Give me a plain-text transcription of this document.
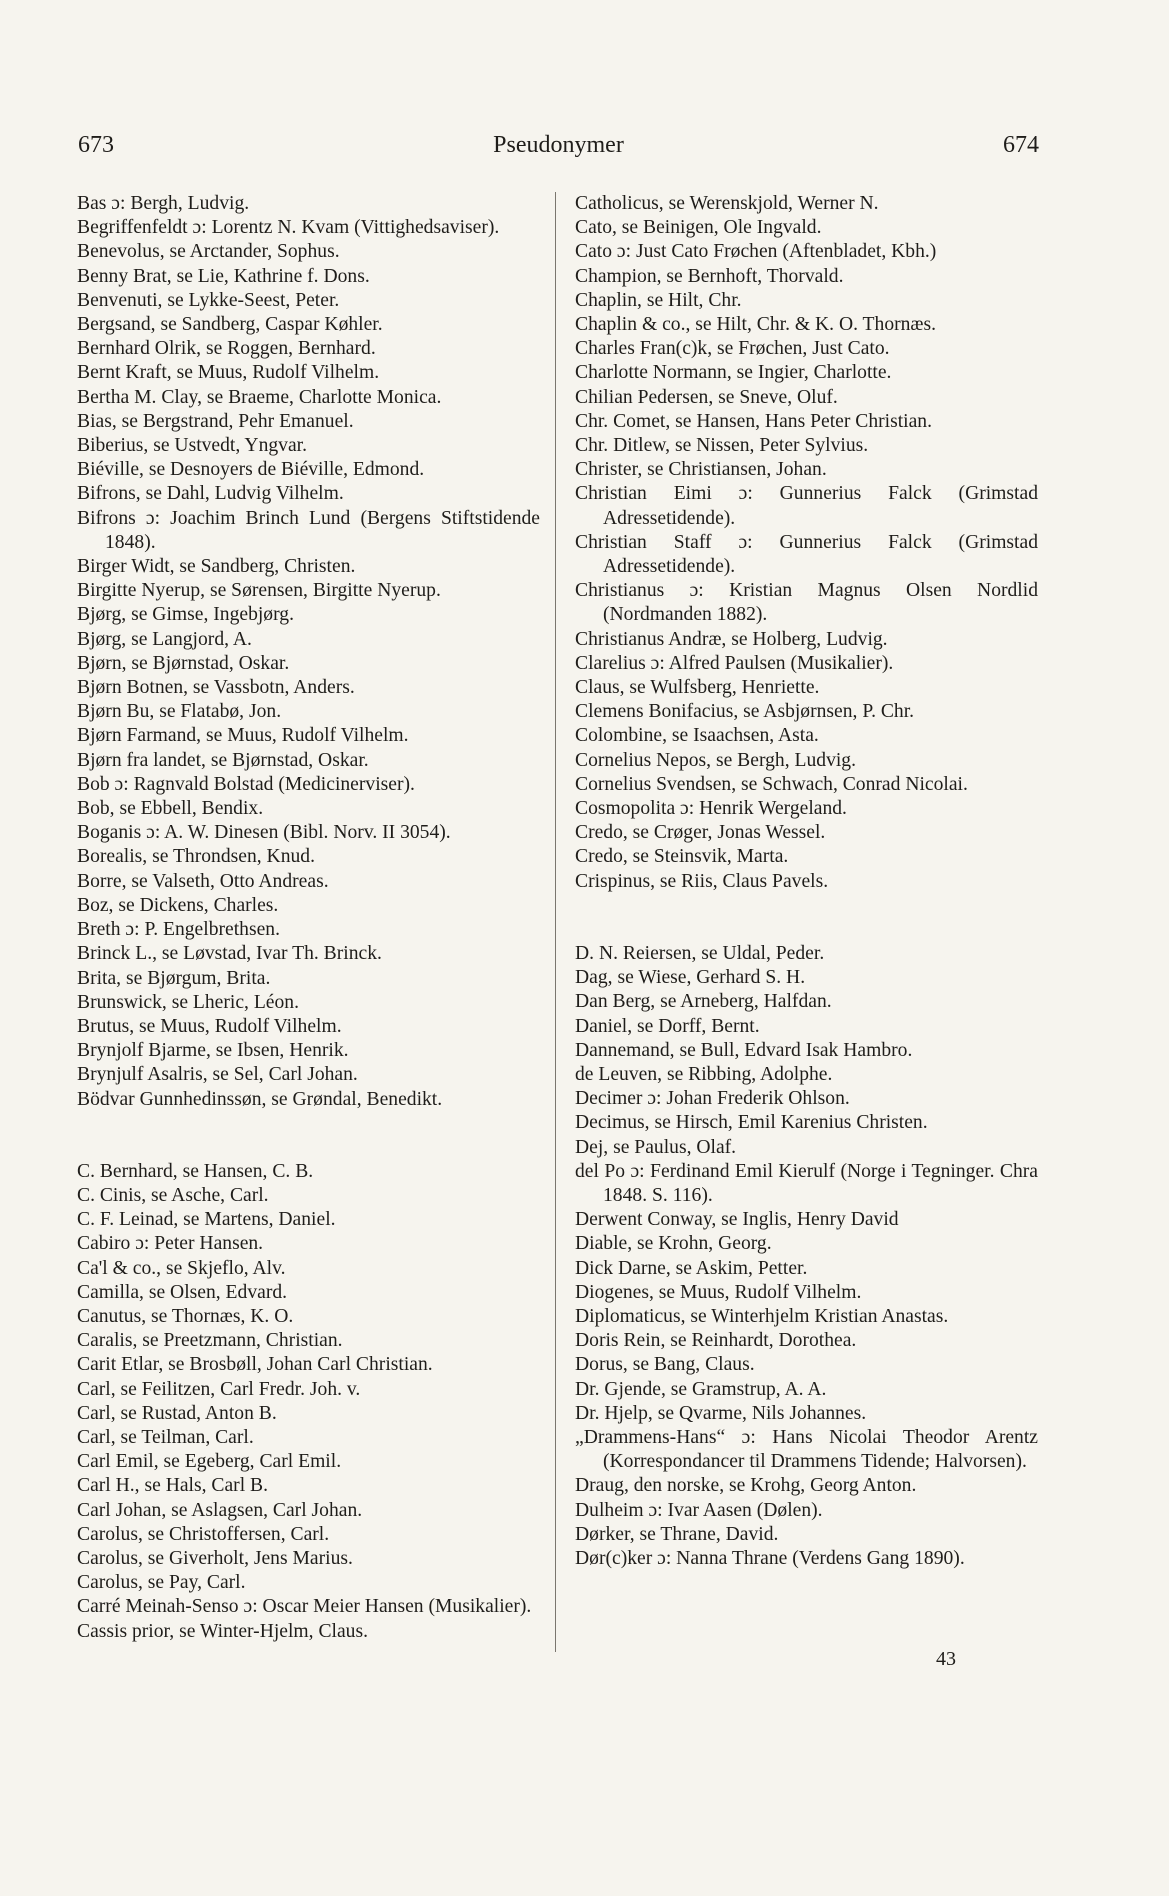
Pseudonymer
673	674
Bas ɔ: Bergh, Ludvig.
Begriffenfeldt ɔ: Lorentz N. Kvam (Vittighedsaviser).
Benevolus, se Arctander, Sophus.
Benny Brat, se Lie, Kathrine f. Dons.
Benvenuti, se Lykke-Seest, Peter.
Bergsand, se Sandberg, Caspar Køhler.
Bernhard Olrik, se Roggen, Bernhard.
Bernt Kraft, se Muus, Rudolf Vilhelm.
Bertha M. Clay, se Braeme, Charlotte Monica.
Bias, se Bergstrand, Pehr Emanuel.
Biberius, se Ustvedt, Yngvar.
Biéville, se Desnoyers de Biéville, Edmond.
Bifrons, se Dahl, Ludvig Vilhelm.
Bifrons ɔ: Joachim Brinch Lund (Bergens Stiftstidende 1848).
Birger Widt, se Sandberg, Christen.
Birgitte Nyerup, se Sørensen, Birgitte Nyerup.
Bjørg, se Gimse, Ingebjørg.
Bjørg, se Langjord, A.
Bjørn, se Bjørnstad, Oskar.
Bjørn Botnen, se Vassbotn, Anders.
Bjørn Bu, se Flatabø, Jon.
Bjørn Farmand, se Muus, Rudolf Vilhelm.
Bjørn fra landet, se Bjørnstad, Oskar.
Bob ɔ: Ragnvald Bolstad (Medicinerviser).
Bob, se Ebbell, Bendix.
Boganis ɔ: A. W. Dinesen (Bibl. Norv. II 3054).
Borealis, se Throndsen, Knud.
Borre, se Valseth, Otto Andreas.
Boz, se Dickens, Charles.
Breth ɔ: P. Engelbrethsen.
Brinck L., se Løvstad, Ivar Th. Brinck.
Brita, se Bjørgum, Brita.
Brunswick, se Lheric, Léon.
Brutus, se Muus, Rudolf Vilhelm.
Brynjolf Bjarme, se Ibsen, Henrik.
Brynjulf Asalris, se Sel, Carl Johan.
Bödvar Gunnhedinssøn, se Grøndal, Benedikt.
C. Bernhard, se Hansen, C. B.
C. Cinis, se Asche, Carl.
C. F. Leinad, se Martens, Daniel.
Cabiro ɔ: Peter Hansen.
Ca'l & co., se Skjeflo, Alv.
Camilla, se Olsen, Edvard.
Canutus, se Thornæs, K. O.
Caralis, se Preetzmann, Christian.
Carit Etlar, se Brosbøll, Johan Carl Christian.
Carl, se Feilitzen, Carl Fredr. Joh. v.
Carl, se Rustad, Anton B.
Carl, se Teilman, Carl.
Carl Emil, se Egeberg, Carl Emil.
Carl H., se Hals, Carl B.
Carl Johan, se Aslagsen, Carl Johan.
Carolus, se Christoffersen, Carl.
Carolus, se Giverholt, Jens Marius.
Carolus, se Pay, Carl.
Carré Meinah-Senso ɔ: Oscar Meier Hansen (Musikalier).
Cassis prior, se Winter-Hjelm, Claus.
Catholicus, se Werenskjold, Werner N.
Cato, se Beinigen, Ole Ingvald.
Cato ɔ: Just Cato Frøchen (Aftenbladet, Kbh.)
Champion, se Bernhoft, Thorvald.
Chaplin, se Hilt, Chr.
Chaplin & co., se Hilt, Chr. & K. O. Thornæs.
Charles Fran(c)k, se Frøchen, Just Cato.
Charlotte Normann, se Ingier, Charlotte.
Chilian Pedersen, se Sneve, Oluf.
Chr. Comet, se Hansen, Hans Peter Christian.
Chr. Ditlew, se Nissen, Peter Sylvius.
Christer, se Christiansen, Johan.
Christian Eimi ɔ: Gunnerius Falck (Grimstad Adressetidende).
Christian Staff ɔ: Gunnerius Falck (Grimstad Adressetidende).
Christianus ɔ: Kristian Magnus Olsen Nordlid (Nordmanden 1882).
Christianus Andræ, se Holberg, Ludvig.
Clarelius ɔ: Alfred Paulsen (Musikalier).
Claus, se Wulfsberg, Henriette.
Clemens Bonifacius, se Asbjørnsen, P. Chr.
Colombine, se Isaachsen, Asta.
Cornelius Nepos, se Bergh, Ludvig.
Cornelius Svendsen, se Schwach, Conrad Nicolai.
Cosmopolita ɔ: Henrik Wergeland.
Credo, se Crøger, Jonas Wessel.
Credo, se Steinsvik, Marta.
Crispinus, se Riis, Claus Pavels.
D. N. Reiersen, se Uldal, Peder.
Dag, se Wiese, Gerhard S. H.
Dan Berg, se Arneberg, Halfdan.
Daniel, se Dorff, Bernt.
Dannemand, se Bull, Edvard Isak Hambro.
de Leuven, se Ribbing, Adolphe.
Decimer ɔ: Johan Frederik Ohlson.
Decimus, se Hirsch, Emil Karenius Christen.
Dej, se Paulus, Olaf.
del Po ɔ: Ferdinand Emil Kierulf (Norge i Tegninger. Chra 1848. S. 116).
Derwent Conway, se Inglis, Henry David
Diable, se Krohn, Georg.
Dick Darne, se Askim, Petter.
Diogenes, se Muus, Rudolf Vilhelm.
Diplomaticus, se Winterhjelm Kristian Anastas.
Doris Rein, se Reinhardt, Dorothea.
Dorus, se Bang, Claus.
Dr. Gjende, se Gramstrup, A. A.
Dr. Hjelp, se Qvarme, Nils Johannes.
„Drammens-Hans“ ɔ: Hans Nicolai Theodor Arentz (Korrespondancer til Drammens Tidende; Halvorsen).
Draug, den norske, se Krohg, Georg Anton.
Dulheim ɔ: Ivar Aasen (Dølen).
Dørker, se Thrane, David.
Dør(c)ker ɔ: Nanna Thrane (Verdens Gang 1890).
43
